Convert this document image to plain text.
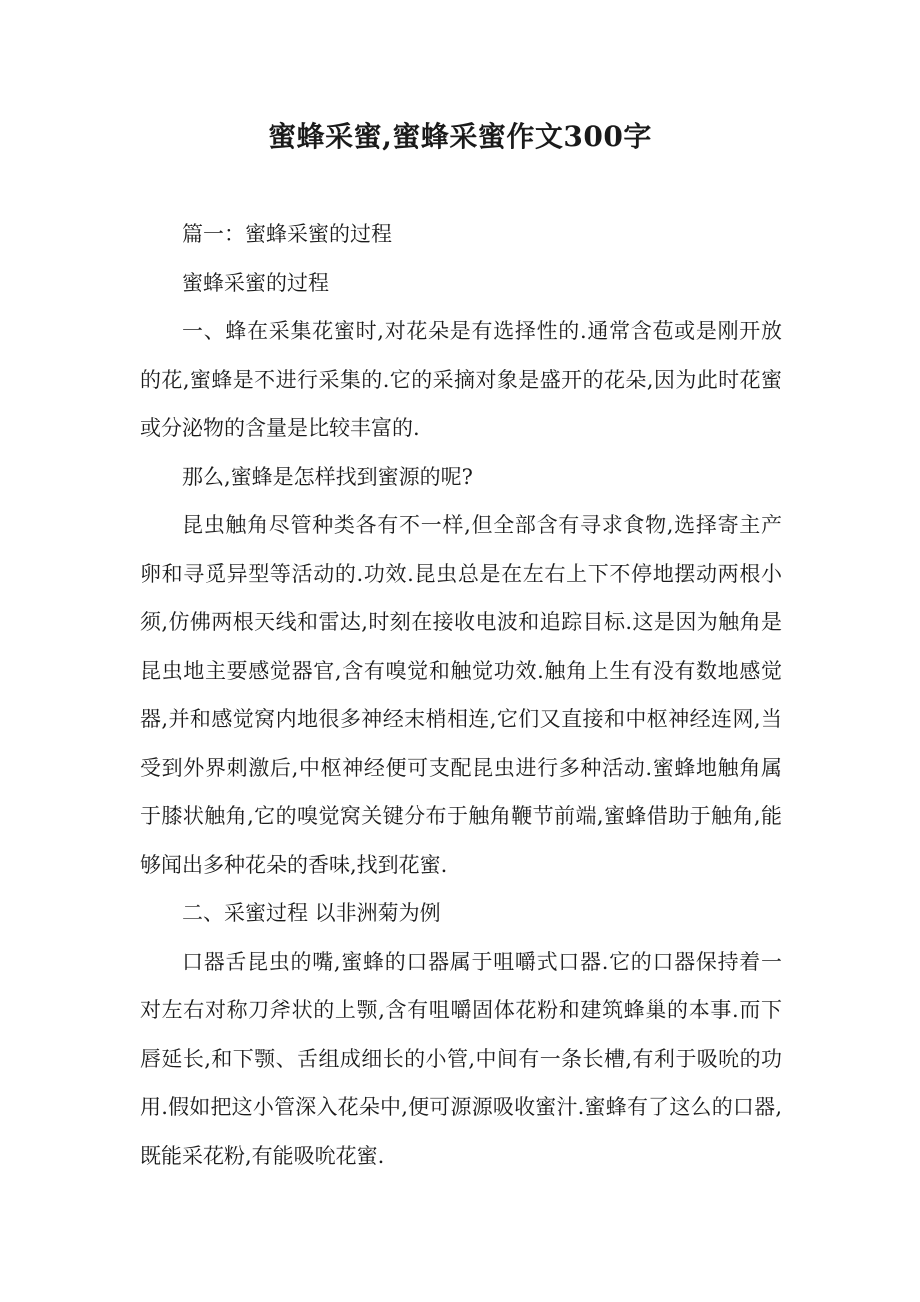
蜜蜂采蜜,蜜蜂采蜜作文300字

篇一：蜜蜂采蜜的过程

蜜蜂采蜜的过程

一、蜂在采集花蜜时,对花朵是有选择性的.通常含苞或是刚开放的花,蜜蜂是不进行采集的.它的采摘对象是盛开的花朵,因为此时花蜜或分泌物的含量是比较丰富的.

那么,蜜蜂是怎样找到蜜源的呢?

昆虫触角尽管种类各有不一样,但全部含有寻求食物,选择寄主产卵和寻觅异型等活动的.功效.昆虫总是在左右上下不停地摆动两根小须,仿佛两根天线和雷达,时刻在接收电波和追踪目标.这是因为触角是昆虫地主要感觉器官,含有嗅觉和触觉功效.触角上生有没有数地感觉器,并和感觉窝内地很多神经末梢相连,它们又直接和中枢神经连网,当受到外界刺激后,中枢神经便可支配昆虫进行多种活动.蜜蜂地触角属于膝状触角,它的嗅觉窝关键分布于触角鞭节前端,蜜蜂借助于触角,能够闻出多种花朵的香味,找到花蜜.

二、采蜜过程 以非洲菊为例

口器舌昆虫的嘴,蜜蜂的口器属于咀嚼式口器.它的口器保持着一对左右对称刀斧状的上颚,含有咀嚼固体花粉和建筑蜂巢的本事.而下唇延长,和下颚、舌组成细长的小管,中间有一条长槽,有利于吸吮的功用.假如把这小管深入花朵中,便可源源吸收蜜汁.蜜蜂有了这么的口器,既能采花粉,有能吸吮花蜜.
